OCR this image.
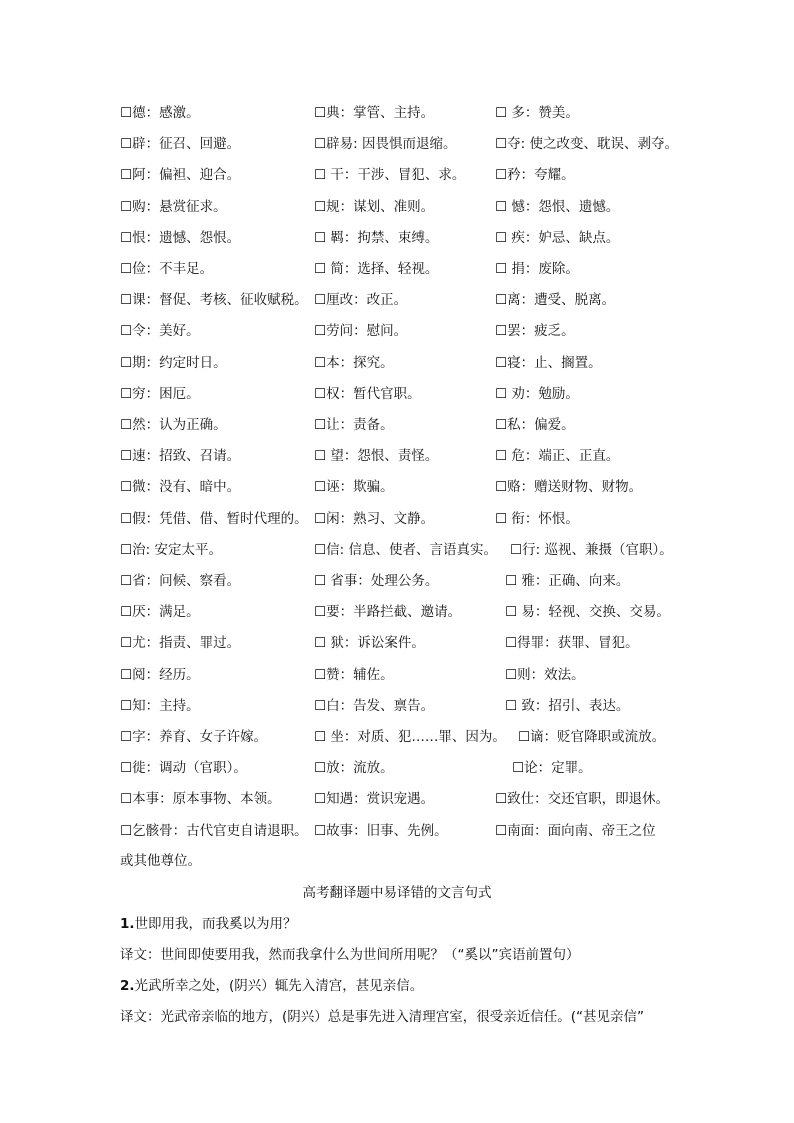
☐德：感激。	☐典：掌管、主持。	☐ 多：赞美。
☐辟：征召、回避。	☐辟易: 因畏惧而退缩。	☐夺: 使之改变、耽误、剥夺。
☐阿：偏袒、迎合。	☐ 干：干涉、冒犯、求。 ☐矜：夸耀。
☐购：悬赏征求。	☐规：谋划、准则。	☐ 憾：怨恨、遗憾。
☐恨：遗憾、怨恨。	☐ 羁：拘禁、束缚。	☐ 疾：妒忌、缺点。
☐俭：不丰足。	☐ 简：选择、轻视。	☐ 捐：废除。
☐课：督促、考核、征收赋税。 ☐厘改：改正。	☐离：遭受、脱离。
☐令：美好。	☐劳问：慰问。	☐罢：疲乏。
☐期：约定时日。	☐本：探究。	☐寝：止、搁置。
☐穷：困厄。	☐权：暂代官职。	☐ 劝：勉励。
☐然：认为正确。	☐让：责备。	☐私：偏爱。
☐速：招致、召请。	☐ 望：怨恨、责怪。	☐ 危：端正、正直。
☐微：没有、暗中。	☐诬：欺骗。	☐赂：赠送财物、财物。
☐假：凭借、借、暂时代理的。 ☐闲：熟习、文静。	☐ 衔：怀恨。
☐治: 安定太平。	☐信: 信息、使者、言语真实。 ☐行: 巡视、兼摄（官职）。
☐省：问候、察看。	☐ 省事：处理公务。	☐ 雅：正确、向来。
☐厌：满足。	☐要：半路拦截、邀请。	☐ 易：轻视、交换、交易。
☐尤：指责、罪过。	☐ 狱：诉讼案件。	☐得罪：获罪、冒犯。
☐阅：经历。	☐赞：辅佐。	☐则：效法。
☐知：主持。	☐白：告发、禀告。	☐ 致：招引、表达。
☐字：养育、女子许嫁。	☐ 坐：对质、犯……罪、因为。 ☐谪：贬官降职或流放。
☐徙：调动（官职）。	☐放：流放。	☐论：定罪。
☐本事：原本事物、本领。 ☐知遇：赏识宠遇。	☐致仕：交还官职，即退休。
☐乞骸骨：古代官吏自请退职。 ☐故事：旧事、先例。	☐南面：面向南、帝王之位
或其他尊位。
高考翻译题中易译错的文言句式
1.世即用我，而我奚以为用？
译文：世间即使要用我，然而我拿什么为世间所用呢？（“奚以”宾语前置句）
2.光武所幸之处，(阴兴）辄先入清宫，甚见亲信。
译文：光武帝亲临的地方，(阴兴）总是事先进入清理宫室，很受亲近信任。(“甚见亲信”
